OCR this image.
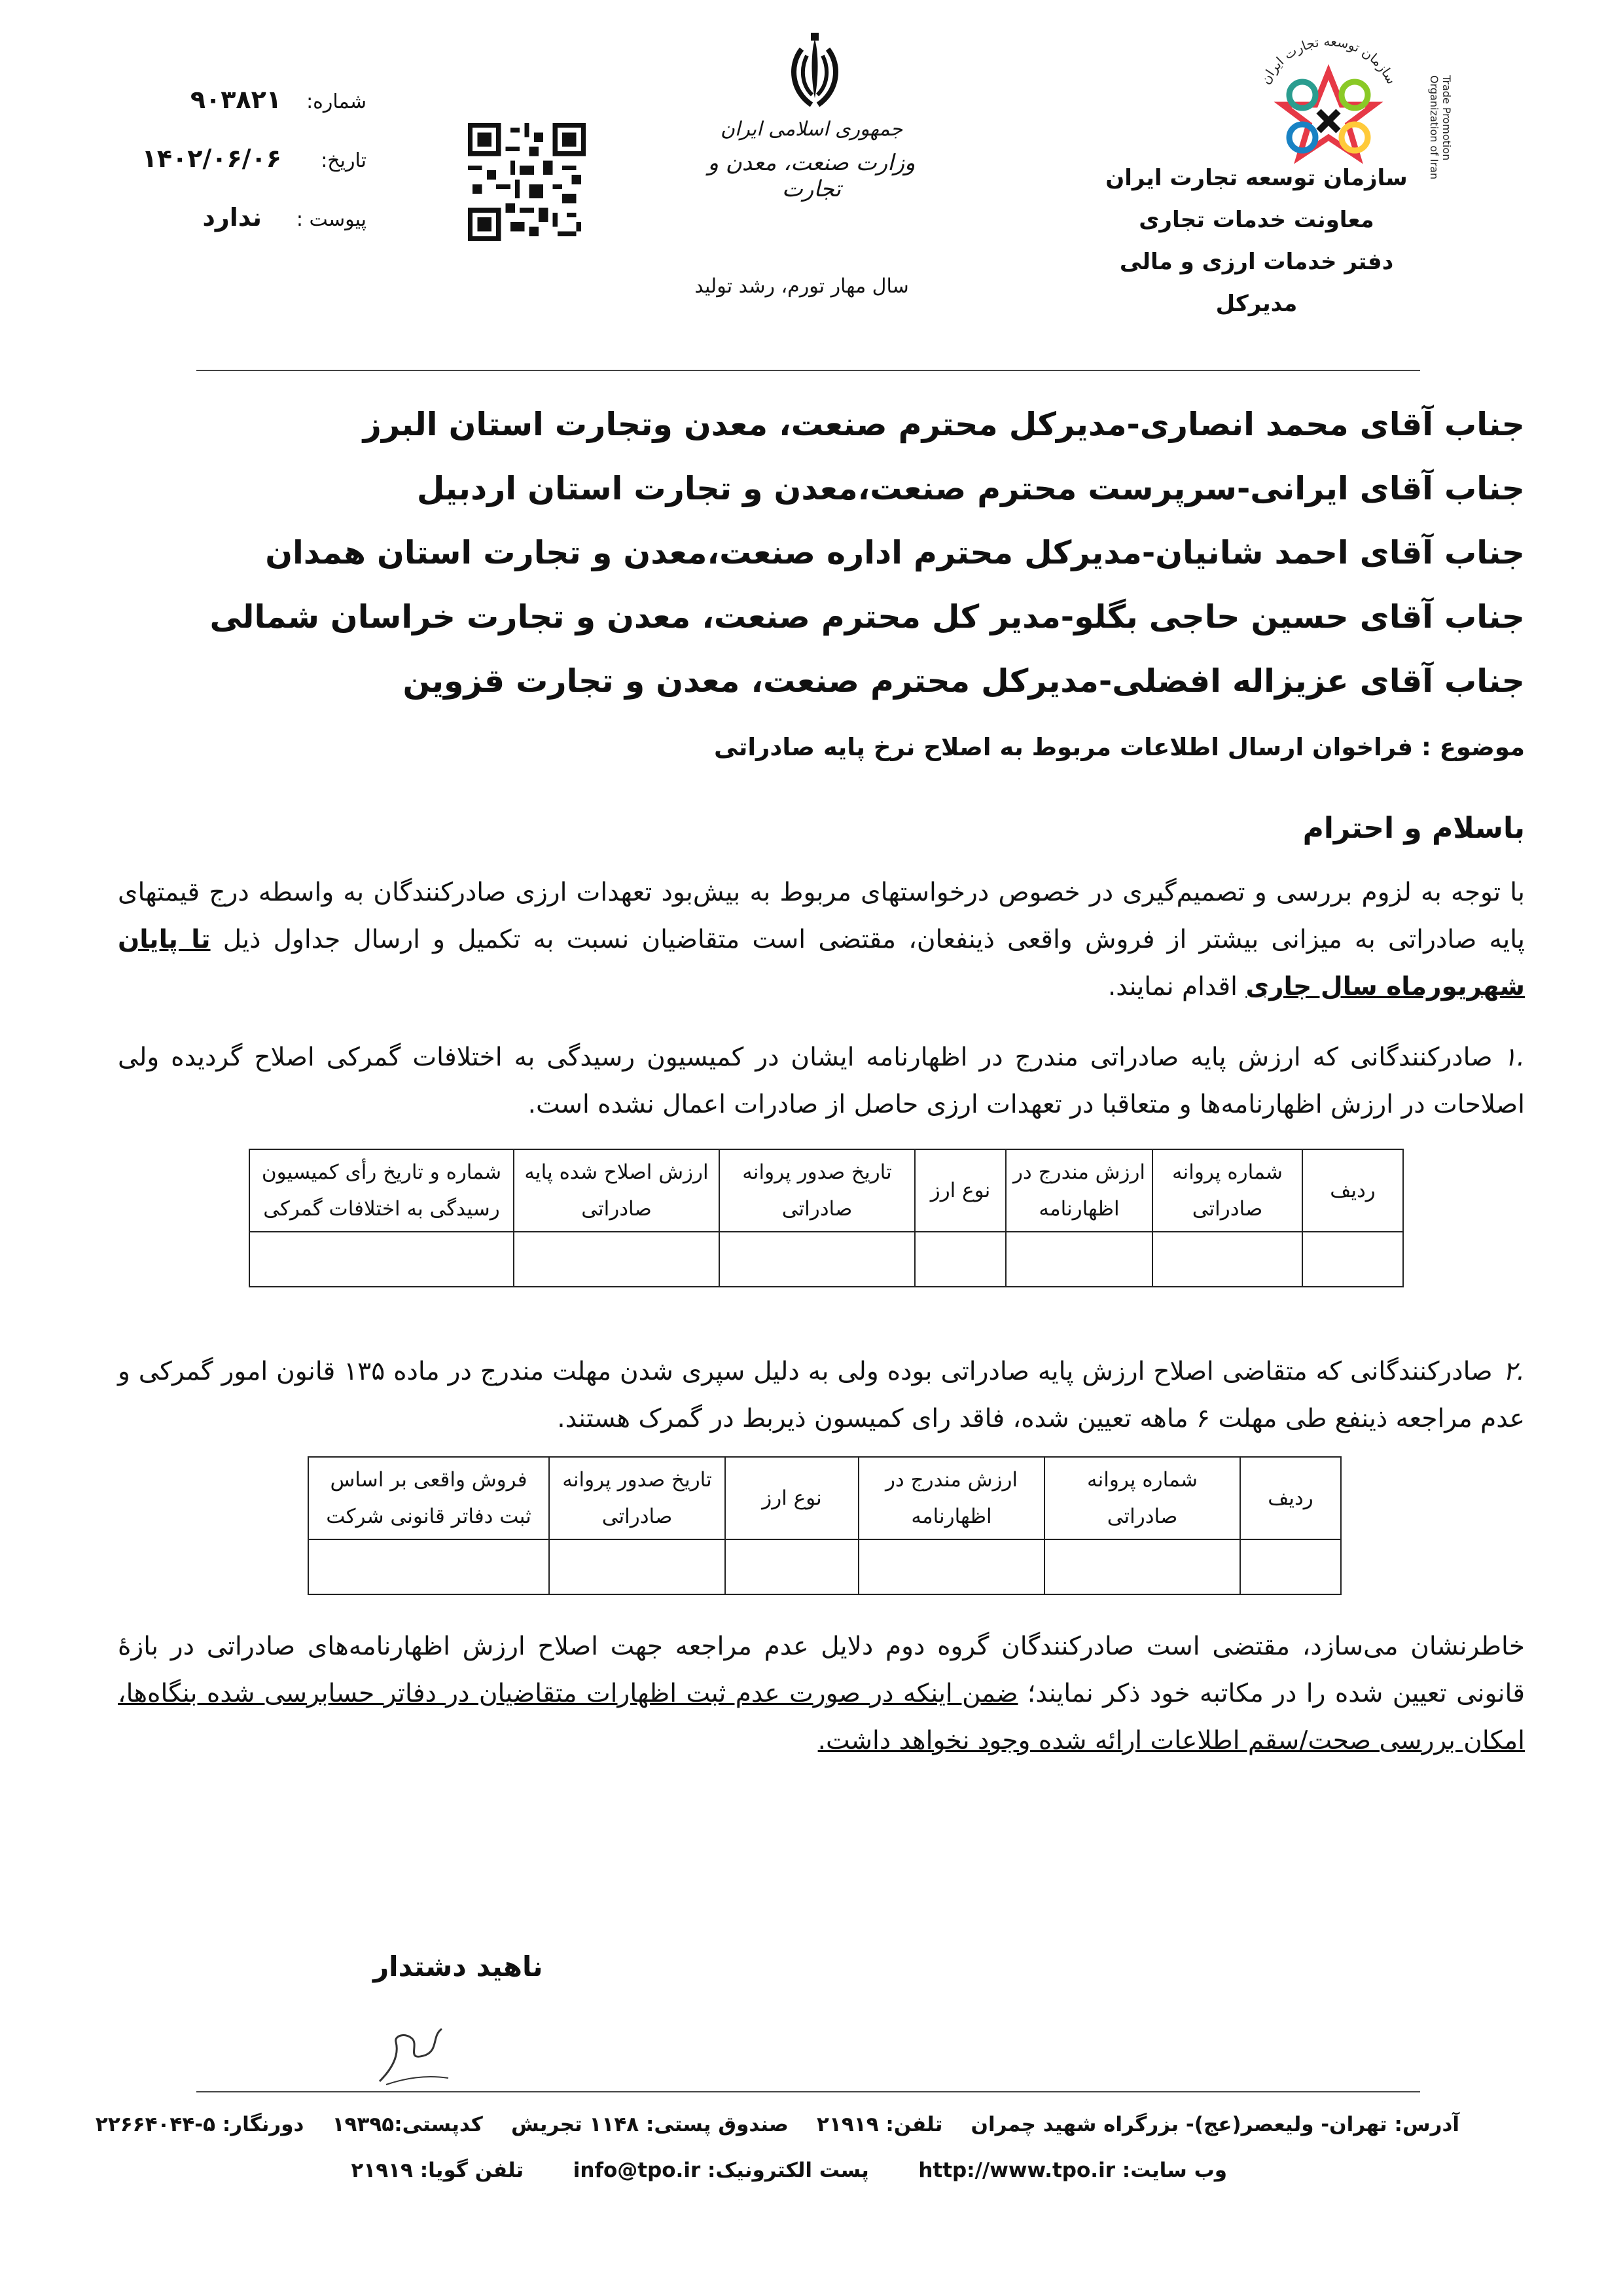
سازمان توسعه تجارت ایران	Trade Promotion Organization of Iran
سازمان توسعه تجارت ایران
معاونت خدمات تجاری
دفتر خدمات ارزی و مالی
مدیرکل
جمهوری اسلامی ایران
وزارت صنعت، معدن و تجارت
سال مهار تورم، رشد تولید
شماره:
۹۰۳۸۲۱
تاریخ:
۱۴۰۲/۰۶/۰۶
پیوست :
ندارد
جناب آقای محمد انصاری-مدیرکل محترم صنعت، معدن وتجارت استان البرز
جناب آقای ایرانی-سرپرست محترم صنعت،معدن و تجارت استان اردبیل
جناب آقای احمد شانیان-مدیرکل محترم اداره صنعت،معدن و تجارت استان همدان
جناب آقای حسین حاجی بگلو-مدیر کل محترم صنعت، معدن و تجارت خراسان شمالی
جناب آقای عزیزاله افضلی-مدیرکل محترم صنعت، معدن و تجارت قزوین
موضوع : فراخوان ارسال اطلاعات مربوط به اصلاح نرخ پایه صادراتی
باسلام و احترام

با توجه به لزوم بررسی و تصمیم‌گیری در خصوص درخواستهای مربوط به بیش‌بود تعهدات ارزی صادرکنندگان به واسطه درج قیمتهای پایه صادراتی به میزانی بیشتر از فروش واقعی ذینفعان، مقتضی است متقاضیان نسبت به تکمیل و ارسال جداول ذیل تا پایان شهریورماه سال جاری اقدام نمایند.

.۱صادرکنندگانی که ارزش پایه صادراتی مندرج در اظهارنامه ایشان در کمیسیون رسیدگی به اختلافات گمرکی اصلاح گردیده ولی اصلاحات در ارزش اظهارنامه‌ها و متعاقبا در تعهدات ارزی حاصل از صادرات اعمال نشده است.

ردیف	شماره پروانه صادراتی	ارزش مندرج در اظهارنامه	نوع ارز	تاریخ صدور پروانه صادراتی	ارزش اصلاح شده پایه صادراتی	شماره و تاریخ رأی کمیسیون رسیدگی به اختلافات گمرکی

.۲صادرکنندگانی که متقاضی اصلاح ارزش پایه صادراتی بوده ولی به دلیل سپری شدن مهلت مندرج در ماده ۱۳۵ قانون امور گمرکی و عدم مراجعه ذینفع طی مهلت ۶ ماهه تعیین شده، فاقد رای کمیسون ذیربط در گمرک هستند.

ردیف	شماره پروانه صادراتی	ارزش مندرج در اظهارنامه	نوع ارز	تاریخ صدور پروانه صادراتی	فروش واقعی بر اساس ثبت دفاتر قانونی شرکت

خاطرنشان می‌سازد، مقتضی است صادرکنندگان گروه دوم دلایل عدم مراجعه جهت اصلاح ارزش اظهارنامه‌های صادراتی در بازهٔ قانونی تعیین شده را در مکاتبه خود ذکر نمایند؛ ضمن اینکه در صورت عدم ثبت اظهارات متقاضیان در دفاتر حسابرسی شده بنگاه‌ها، امکان بررسی صحت/سقم اطلاعات ارائه شده وجود نخواهد داشت.

ناهید دشتدار
آدرس: تهران- ولیعصر(عج)- بزرگراه شهید چمران    تلفن: ۲۱۹۱۹    صندوق پستی: ۱۱۴۸ تجریش    کدپستی:۱۹۳۹۵    دورنگار: ۵-۲۲۶۶۴۰۴۴
وب سایت: http://www.tpo.ir       پست الکترونیک: info@tpo.ir       تلفن گویا: ۲۱۹۱۹
